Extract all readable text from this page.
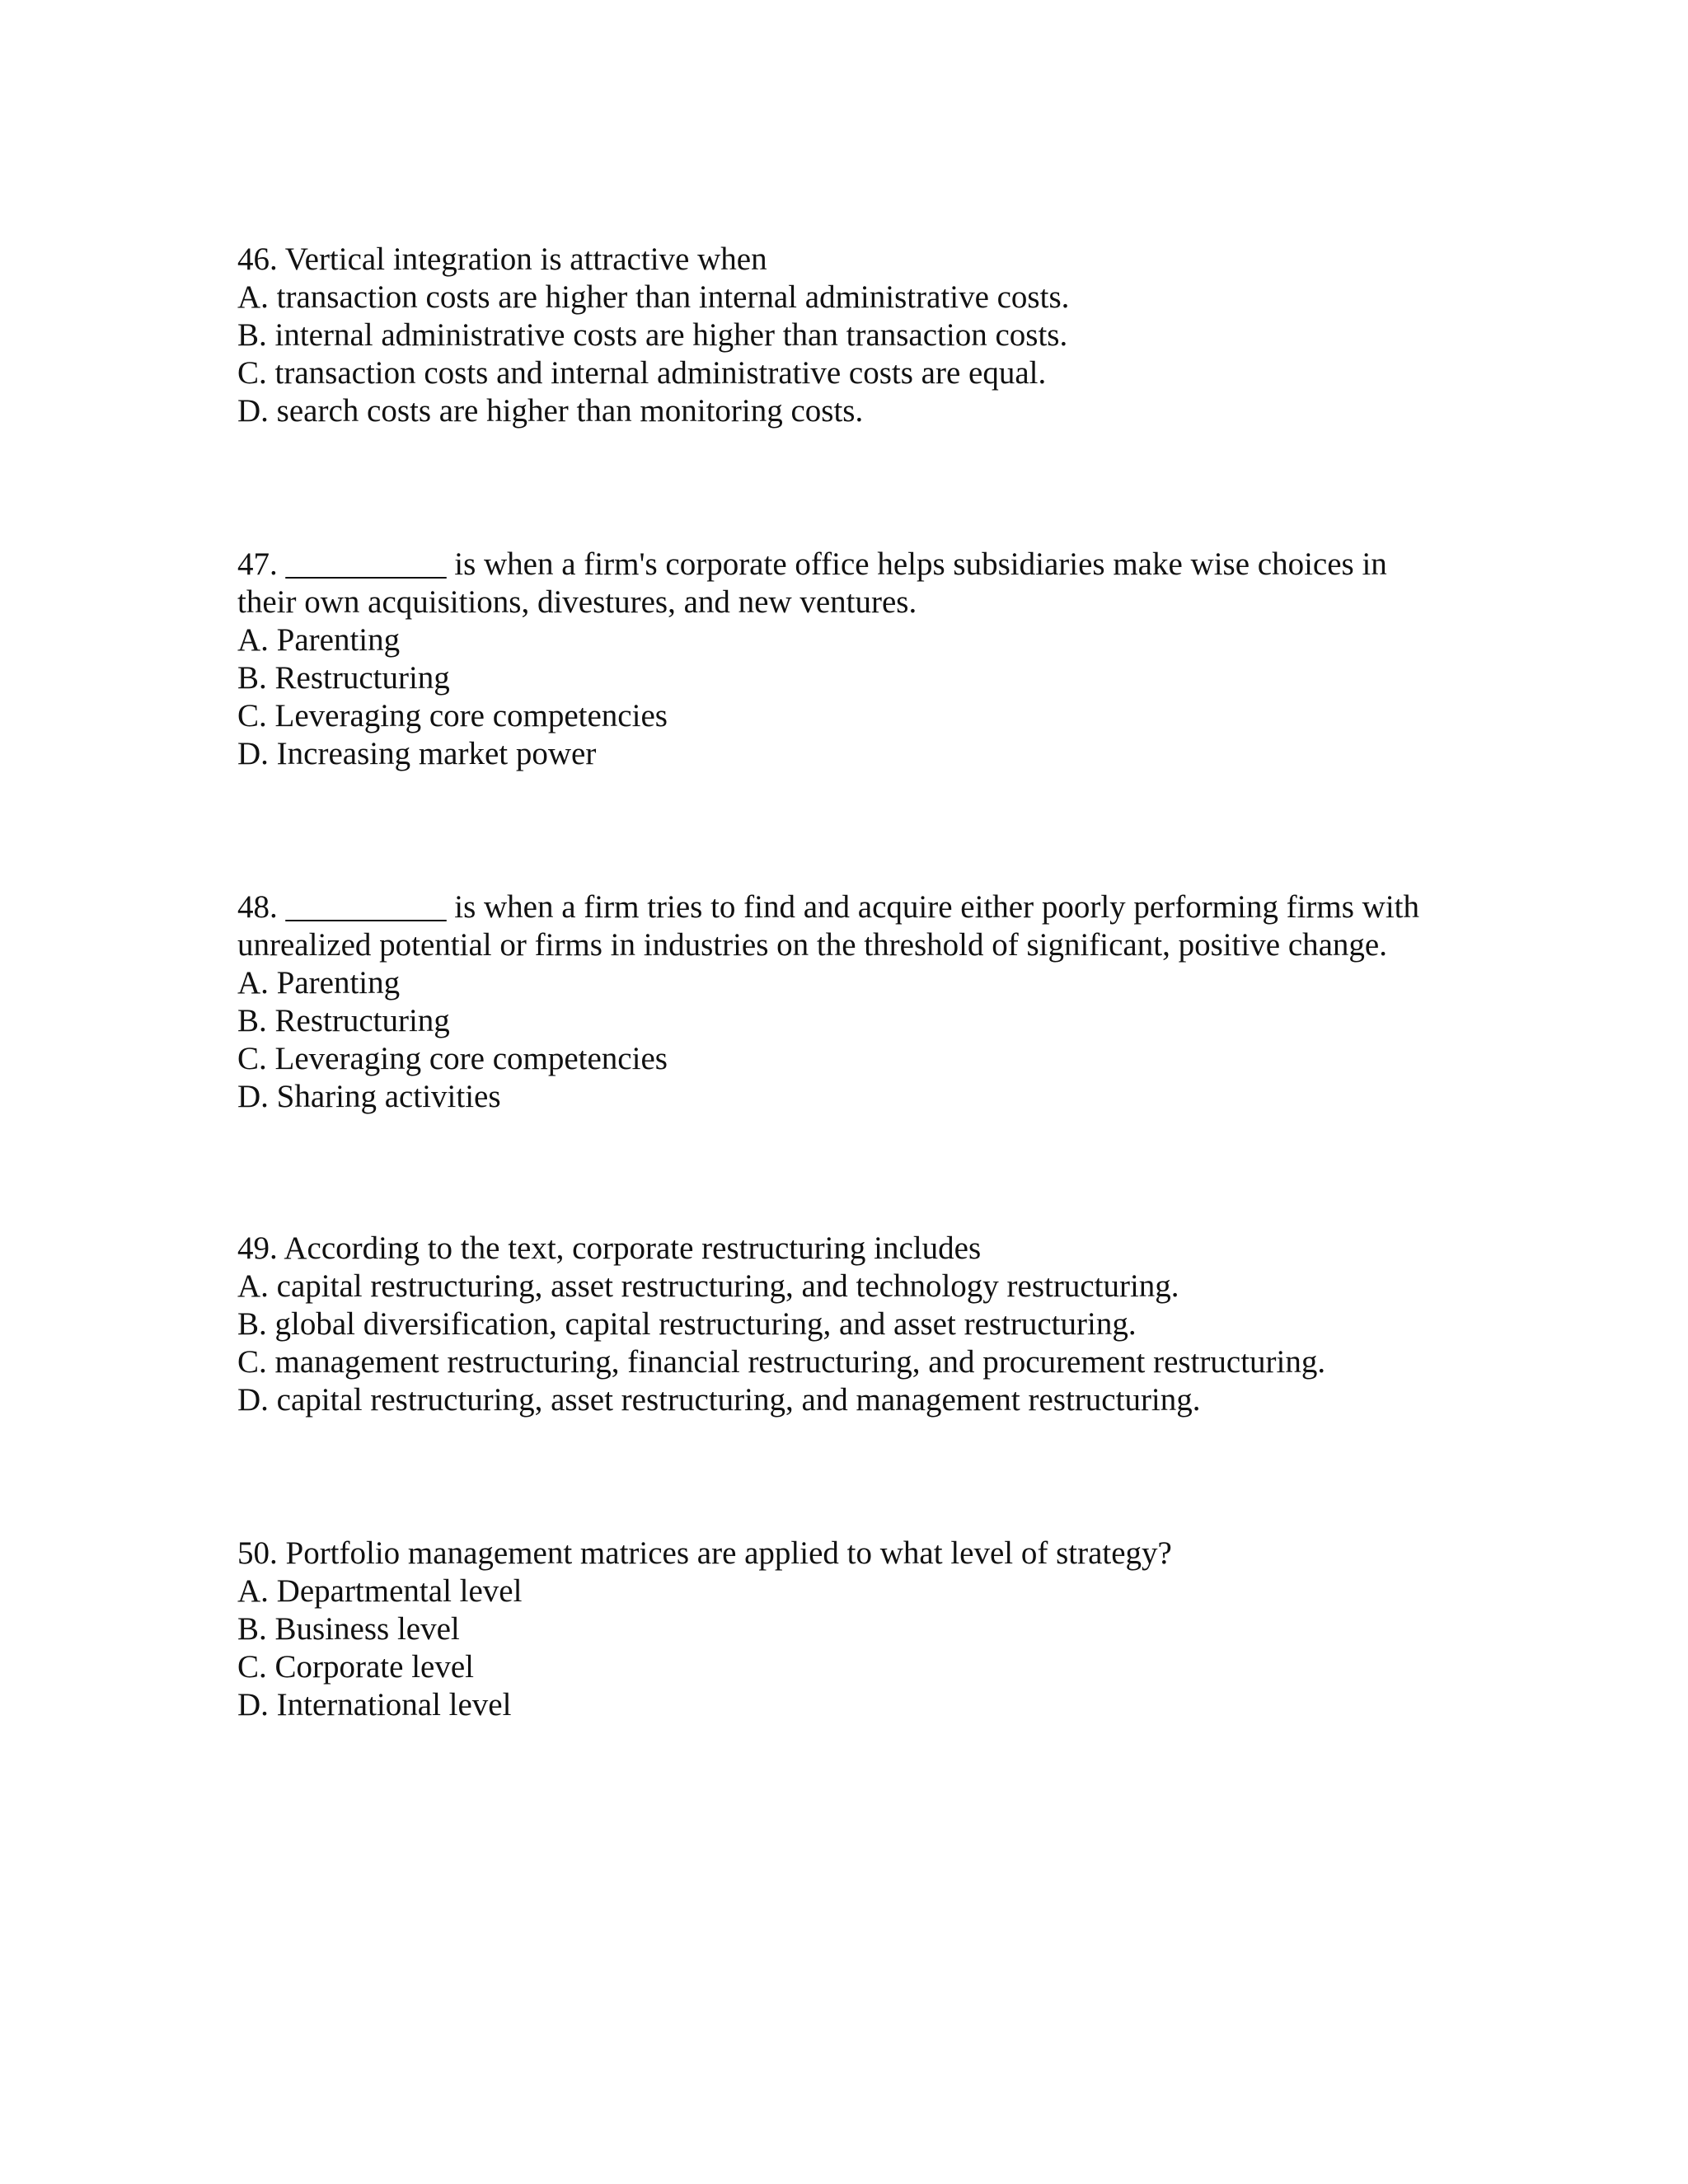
46. Vertical integration is attractive when
A. transaction costs are higher than internal administrative costs.
B. internal administrative costs are higher than transaction costs.
C. transaction costs and internal administrative costs are equal.
D. search costs are higher than monitoring costs.
47. __________ is when a firm's corporate office helps subsidiaries make wise choices in
their own acquisitions, divestures, and new ventures.
A. Parenting
B. Restructuring
C. Leveraging core competencies
D. Increasing market power
48. __________ is when a firm tries to find and acquire either poorly performing firms with
unrealized potential or firms in industries on the threshold of significant, positive change.
A. Parenting
B. Restructuring
C. Leveraging core competencies
D. Sharing activities
49. According to the text, corporate restructuring includes
A. capital restructuring, asset restructuring, and technology restructuring.
B. global diversification, capital restructuring, and asset restructuring.
C. management restructuring, financial restructuring, and procurement restructuring.
D. capital restructuring, asset restructuring, and management restructuring.
50. Portfolio management matrices are applied to what level of strategy?
A. Departmental level
B. Business level
C. Corporate level
D. International level
